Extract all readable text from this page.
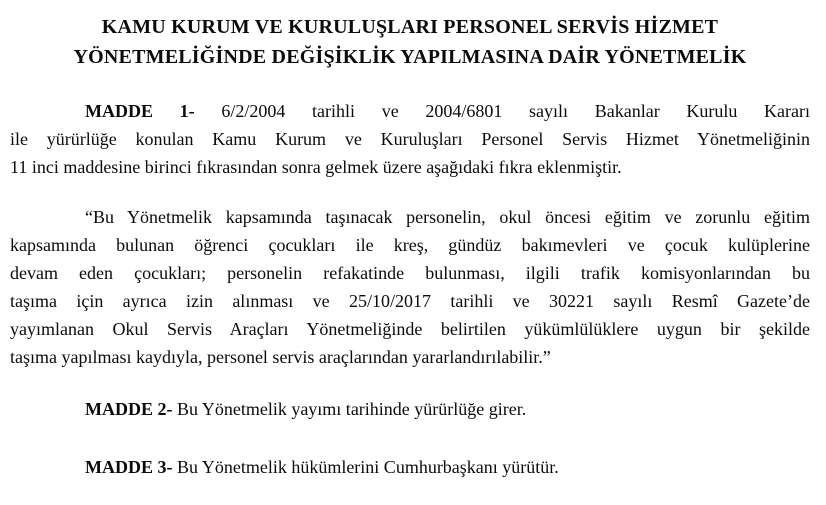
KAMU KURUM VE KURULUŞLARI PERSONEL SERVİS HİZMET
YÖNETMELİĞİNDE DEĞİŞİKLİK YAPILMASINA DAİR YÖNETMELİK
MADDE 1- 6/2/2004 tarihli ve 2004/6801 sayılı Bakanlar Kurulu Kararı
ile yürürlüğe konulan Kamu Kurum ve Kuruluşları Personel Servis Hizmet Yönetmeliğinin
11 inci maddesine birinci fıkrasından sonra gelmek üzere aşağıdaki fıkra eklenmiştir.
“Bu Yönetmelik kapsamında taşınacak personelin, okul öncesi eğitim ve zorunlu eğitim
kapsamında bulunan öğrenci çocukları ile kreş, gündüz bakımevleri ve çocuk kulüplerine
devam eden çocukları; personelin refakatinde bulunması, ilgili trafik komisyonlarından bu
taşıma için ayrıca izin alınması ve 25/10/2017 tarihli ve 30221 sayılı Resmî Gazete’de
yayımlanan Okul Servis Araçları Yönetmeliğinde belirtilen yükümlülüklere uygun bir şekilde
taşıma yapılması kaydıyla, personel servis araçlarından yararlandırılabilir.”
MADDE 2- Bu Yönetmelik yayımı tarihinde yürürlüğe girer.
MADDE 3- Bu Yönetmelik hükümlerini Cumhurbaşkanı yürütür.
